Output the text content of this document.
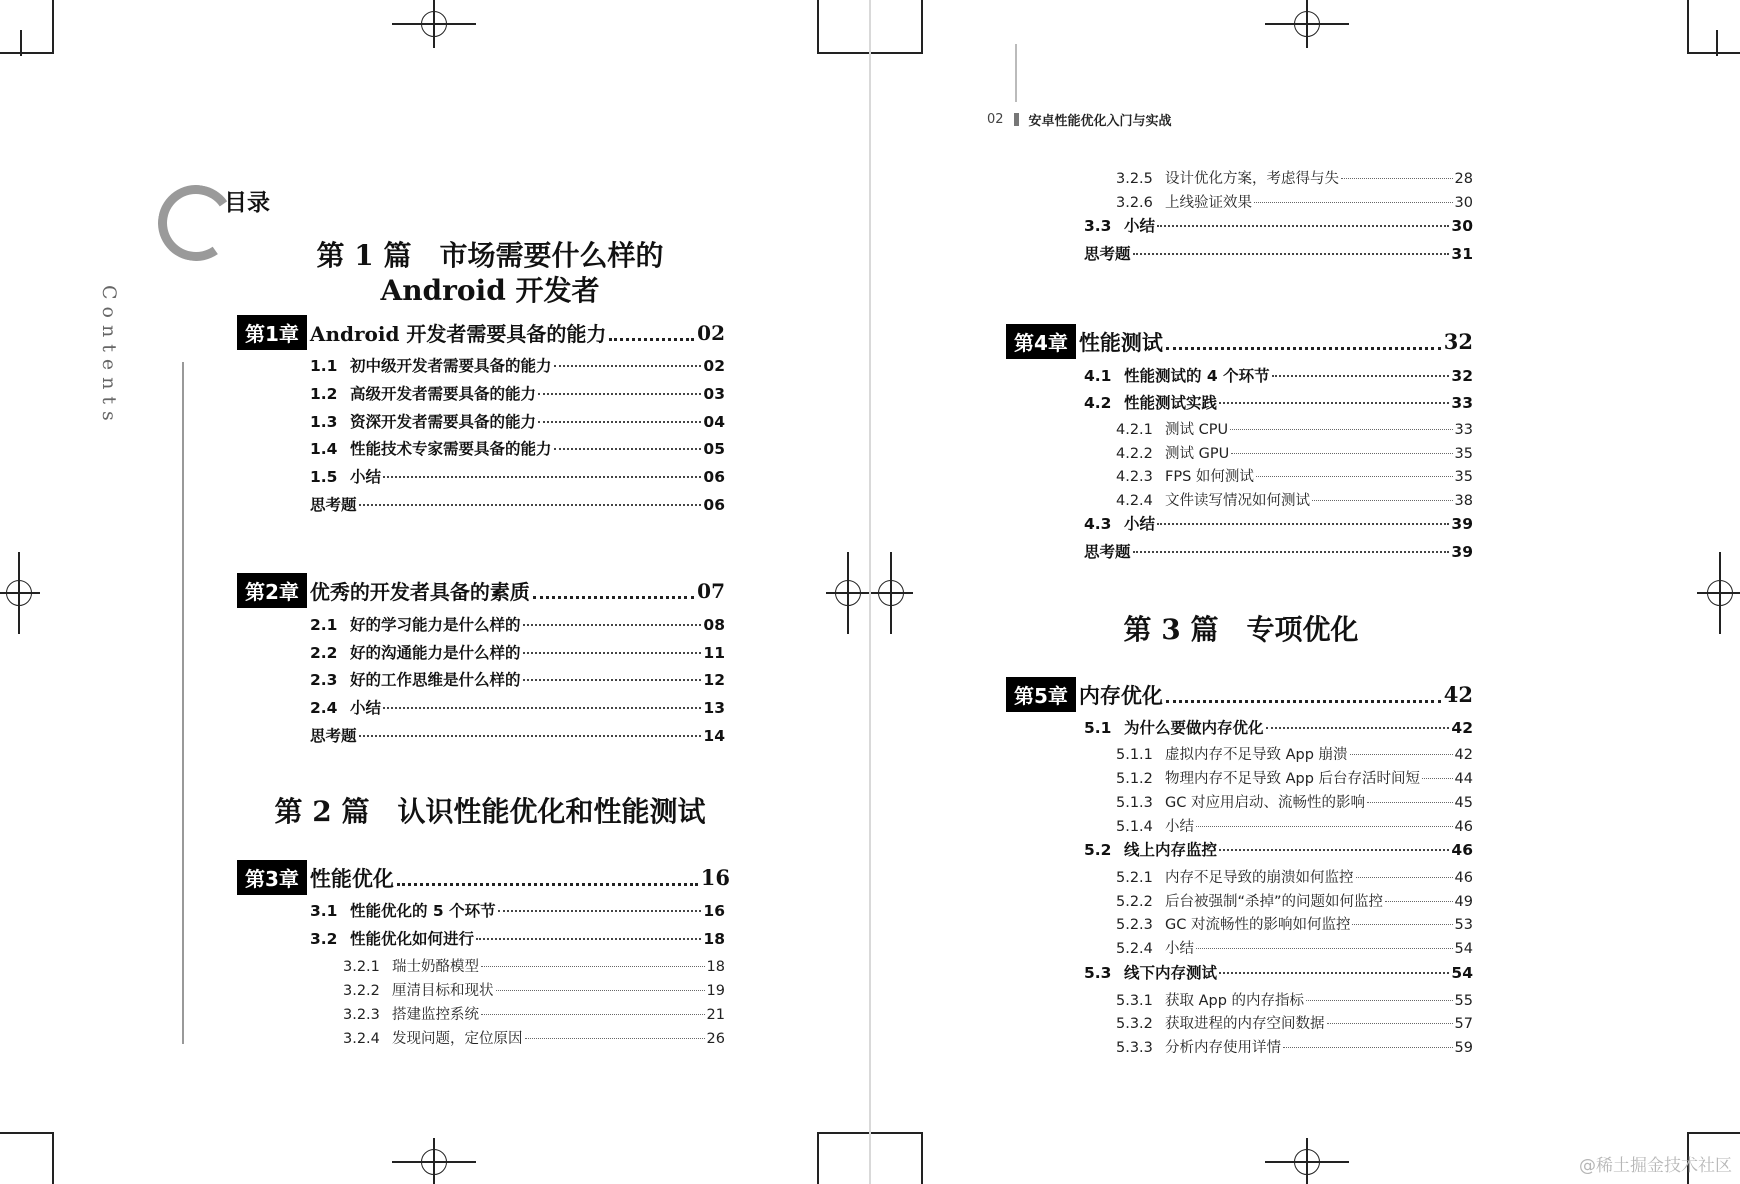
Contents
目录
第 1 篇　市场需要什么样的
Android 开发者
第1章 Android 开发者需要具备的能力	02
1.1 初中级开发者需要具备的能力	02
1.2 高级开发者需要具备的能力	03
1.3 资深开发者需要具备的能力	04
1.4 性能技术专家需要具备的能力	05
1.5 小结	06
思考题	06
第2章 优秀的开发者具备的素质	07
2.1 好的学习能力是什么样的	08
2.2 好的沟通能力是什么样的	11
2.3 好的工作思维是什么样的	12
2.4 小结	13
思考题	14
第 2 篇　认识性能优化和性能测试
第3章 性能优化	16
3.1 性能优化的 5 个环节	16
3.2 性能优化如何进行	18
3.2.1 瑞士奶酪模型	18
3.2.2 厘清目标和现状	19
3.2.3 搭建监控系统	21
3.2.4 发现问题，定位原因	26
02 安卓性能优化入门与实战
3.2.5 设计优化方案，考虑得与失	28
3.2.6 上线验证效果	30
3.3 小结	30
思考题	31
第4章 性能测试	32
4.1 性能测试的 4 个环节	32
4.2 性能测试实践	33
4.2.1 测试 CPU	33
4.2.2 测试 GPU	35
4.2.3 FPS 如何测试	35
4.2.4 文件读写情况如何测试	38
4.3 小结	39
思考题	39
第 3 篇　专项优化
第5章 内存优化	42
5.1 为什么要做内存优化	42
5.1.1 虚拟内存不足导致 App 崩溃	42
5.1.2 物理内存不足导致 App 后台存活时间短 44
5.1.3 GC 对应用启动、流畅性的影响	45
5.1.4 小结	46
5.2 线上内存监控	46
5.2.1 内存不足导致的崩溃如何监控	46
5.2.2 后台被强制“杀掉”的问题如何监控	49
5.2.3 GC 对流畅性的影响如何监控	53
5.2.4 小结	54
5.3 线下内存测试	54
5.3.1 获取 App 的内存指标	55
5.3.2 获取进程的内存空间数据	57
5.3.3 分析内存使用详情	59
@稀土掘金技术社区
